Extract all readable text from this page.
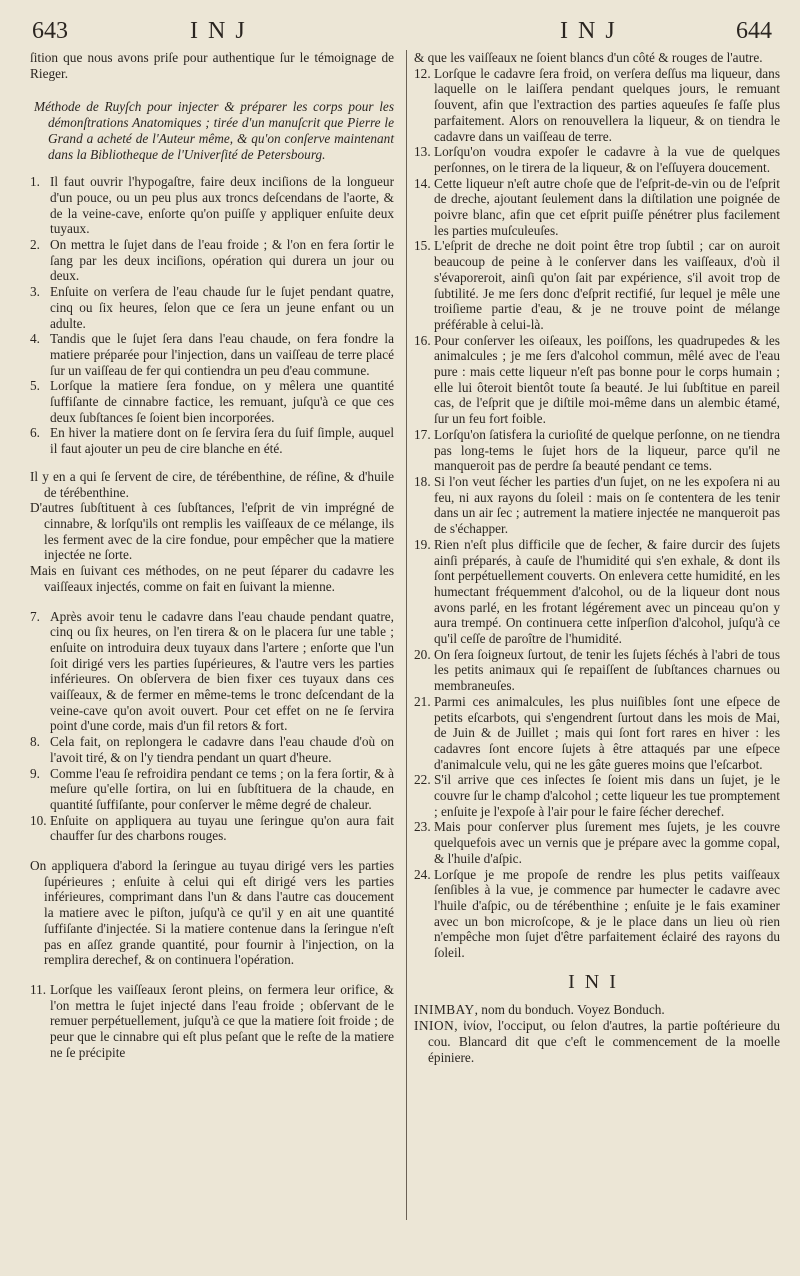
643	INJ	INJ	644

ſition que nous avons priſe pour authentique ſur le témoignage de Rieger.

Méthode de Ruyſch pour injecter & préparer les corps pour les démonſtrations Anatomiques ; tirée d'un manuſcrit que Pierre le Grand a acheté de l'Auteur même, & qu'on conſerve maintenant dans la Bibliotheque de l'Univerſité de Petersbourg.

1. Il faut ouvrir l'hypogaſtre, faire deux inciſions de la longueur d'un pouce, ou un peu plus aux troncs deſcendans de l'aorte, & de la veine-cave, enſorte qu'on puiſſe y appliquer enſuite deux tuyaux.
2. On mettra le ſujet dans de l'eau froide ; & l'on en fera ſortir le ſang par les deux inciſions, opération qui durera un jour ou deux.
3. Enſuite on verſera de l'eau chaude ſur le ſujet pendant quatre, cinq ou ſix heures, ſelon que ce ſera un jeune enfant ou un adulte.
4. Tandis que le ſujet ſera dans l'eau chaude, on fera fondre la matiere préparée pour l'injection, dans un vaiſſeau de terre placé ſur un vaiſſeau de fer qui contiendra un peu d'eau commune.
5. Lorſque la matiere ſera fondue, on y mêlera une quantité ſuffiſante de cinnabre factice, les remuant, juſqu'à ce que ces deux ſubſtances ſe ſoient bien incorporées.
6. En hiver la matiere dont on ſe ſervira ſera du ſuif ſimple, auquel il faut ajouter un peu de cire blanche en été.

Il y en a qui ſe ſervent de cire, de térébenthine, de réſine, & d'huile de térébenthine.

D'autres ſubſtituent à ces ſubſtances, l'eſprit de vin imprégné de cinnabre, & lorſqu'ils ont remplis les vaiſſeaux de ce mélange, ils les ferment avec de la cire fondue, pour empêcher que la matiere injectée ne ſorte.

Mais en ſuivant ces méthodes, on ne peut ſéparer du cadavre les vaiſſeaux injectés, comme on fait en ſuivant la mienne.

7. Après avoir tenu le cadavre dans l'eau chaude pendant quatre, cinq ou ſix heures, on l'en tirera & on le placera ſur une table ; enſuite on introduira deux tuyaux dans l'artere ; enſorte que l'un ſoit dirigé vers les parties ſupérieures, & l'autre vers les parties inférieures. On obſervera de bien fixer ces tuyaux dans ces vaiſſeaux, & de fermer en même-tems le tronc deſcendant de la veine-cave qu'on avoit ouvert. Pour cet effet on ne ſe ſervira point d'une corde, mais d'un fil retors & fort.
8. Cela fait, on replongera le cadavre dans l'eau chaude d'où on l'avoit tiré, & on l'y tiendra pendant un quart d'heure.
9. Comme l'eau ſe refroidira pendant ce tems ; on la fera ſortir, & à meſure qu'elle ſortira, on lui en ſubſtituera de la chaude, en quantité ſuffiſante, pour conſerver le même degré de chaleur.
10. Enſuite on appliquera au tuyau une ſeringue qu'on aura fait chauffer ſur des charbons rouges.

On appliquera d'abord la ſeringue au tuyau dirigé vers les parties ſupérieures ; enſuite à celui qui eſt dirigé vers les parties inférieures, comprimant dans l'un & dans l'autre cas doucement la matiere avec le piſton, juſqu'à ce qu'il y en ait une quantité ſuffiſante d'injectée. Si la matiere contenue dans la ſeringue n'eſt pas en aſſez grande quantité, pour fournir à l'injection, on la remplira derechef, & on continuera l'opération.

11. Lorſque les vaiſſeaux ſeront pleins, on fermera leur orifice, & l'on mettra le ſujet injecté dans l'eau froide ; obſervant de le remuer perpétuellement, juſqu'à ce que la matiere ſoit froide ; de peur que le cinnabre qui eſt plus peſant que le reſte de la matiere ne ſe précipite

& que les vaiſſeaux ne ſoient blancs d'un côté & rouges de l'autre.

12. Lorſque le cadavre ſera froid, on verſera deſſus ma liqueur, dans laquelle on le laiſſera pendant quelques jours, le remuant ſouvent, afin que l'extraction des parties aqueuſes ſe faſſe plus parfaitement. Alors on renouvellera la liqueur, & on tiendra le cadavre dans un vaiſſeau de terre.
13. Lorſqu'on voudra expoſer le cadavre à la vue de quelques perſonnes, on le tirera de la liqueur, & on l'eſſuyera doucement.
14. Cette liqueur n'eſt autre choſe que de l'eſprit-de-vin ou de l'eſprit de dreche, ajoutant ſeulement dans la diſtilation une poignée de poivre blanc, afin que cet eſprit puiſſe pénétrer plus facilement les parties muſculeuſes.
15. L'eſprit de dreche ne doit point être trop ſubtil ; car on auroit beaucoup de peine à le conſerver dans les vaiſſeaux, d'où il s'évaporeroit, ainſi qu'on ſait par expérience, s'il avoit trop de ſubtilité. Je me ſers donc d'eſprit rectifié, ſur lequel je mêle une troiſieme partie d'eau, & je ne trouve point de mélange préférable à celui-là.
16. Pour conſerver les oiſeaux, les poiſſons, les quadrupedes & les animalcules ; je me ſers d'alcohol commun, mêlé avec de l'eau pure : mais cette liqueur n'eſt pas bonne pour le corps humain ; elle lui ôteroit bientôt toute ſa beauté. Je lui ſubſtitue en pareil cas, de l'eſprit que je diſtile moi-même dans un alembic étamé, ſur un feu fort foible.
17. Lorſqu'on ſatisfera la curioſité de quelque perſonne, on ne tiendra pas long-tems le ſujet hors de la liqueur, parce qu'il ne manqueroit pas de perdre ſa beauté pendant ce tems.
18. Si l'on veut ſécher les parties d'un ſujet, on ne les expoſera ni au feu, ni aux rayons du ſoleil : mais on ſe contentera de les tenir dans un air ſec ; autrement la matiere injectée ne manqueroit pas de s'échapper.
19. Rien n'eſt plus difficile que de ſecher, & faire durcir des ſujets ainſi préparés, à cauſe de l'humidité qui s'en exhale, & dont ils ſont perpétuellement couverts. On enlevera cette humidité, en les humectant fréquemment d'alcohol, ou de la liqueur dont nous avons parlé, en les frotant légérement avec un pinceau qu'on y aura trempé. On continuera cette inſperſion d'alcohol, juſqu'à ce qu'il ceſſe de paroître de l'humidité.
20. On ſera ſoigneux ſurtout, de tenir les ſujets ſéchés à l'abri de tous les petits animaux qui ſe repaiſſent de ſubſtances charnues ou membraneuſes.
21. Parmi ces animalcules, les plus nuiſibles ſont une eſpece de petits eſcarbots, qui s'engendrent ſurtout dans les mois de Mai, de Juin & de Juillet ; mais qui ſont fort rares en hiver : les cadavres ſont encore ſujets à être attaqués par une eſpece d'animalcule velu, qui ne les gâte gueres moins que l'eſcarbot.
22. S'il arrive que ces inſectes ſe ſoient mis dans un ſujet, je le couvre ſur le champ d'alcohol ; cette liqueur les tue promptement ; enſuite je l'expoſe à l'air pour le faire ſécher derechef.
23. Mais pour conſerver plus ſurement mes ſujets, je les couvre quelquefois avec un vernis que je prépare avec la gomme copal, & l'huile d'aſpic.
24. Lorſque je me propoſe de rendre les plus petits vaiſſeaux ſenſibles à la vue, je commence par humecter le cadavre avec l'huile d'aſpic, ou de térébenthine ; enſuite je le fais examiner avec un bon microſcope, & je le place dans un lieu où rien n'empêche mon ſujet d'être parfaitement éclairé des rayons du ſoleil.
INI

INIMBAY, nom du bonduch. Voyez Bonduch.

INION, ἰνίον, l'occiput, ou ſelon d'autres, la partie poſtérieure du cou. Blancard dit que c'eſt le commencement de la moelle épiniere.
